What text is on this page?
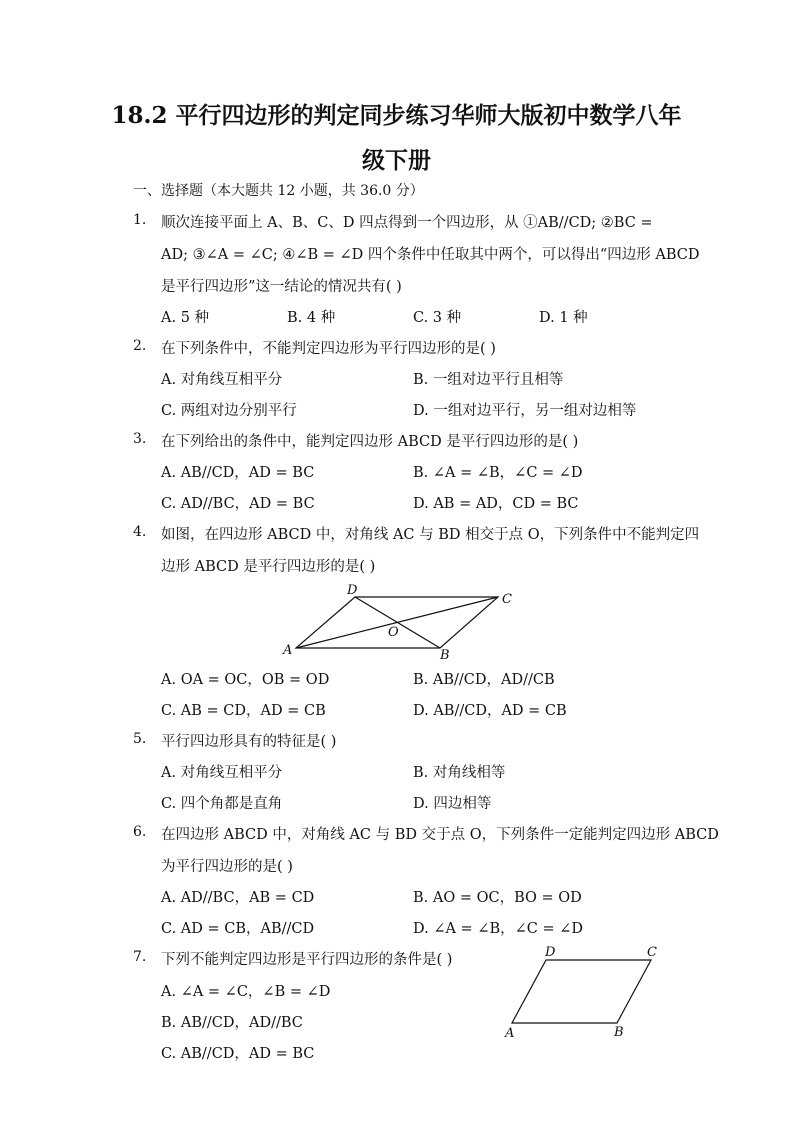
18.2 平行四边形的判定同步练习华师大版初中数学八年
级下册
一、选择题（本大题共 12 小题，共 36.0 分）
1. 顺次连接平面上 A、B、C、D 四点得到一个四边形，从 ①AB//CD; ②BC =
AD; ③∠A = ∠C; ④∠B = ∠D 四个条件中任取其中两个，可以得出“四边形 ABCD
是平行四边形”这一结论的情况共有( )
A. 5 种	B. 4 种	C. 3 种	D. 1 种
2. 在下列条件中，不能判定四边形为平行四边形的是( )
A. 对角线互相平分	B. 一组对边平行且相等
C. 两组对边分别平行	D. 一组对边平行，另一组对边相等
3. 在下列给出的条件中，能判定四边形 ABCD 是平行四边形的是( )
A. AB//CD，AD = BC	B. ∠A = ∠B，∠C = ∠D
C. AD//BC，AD = BC	D. AB = AD，CD = BC
4. 如图，在四边形 ABCD 中，对角线 AC 与 BD 相交于点 O，下列条件中不能判定四
边形 ABCD 是平行四边形的是( )
D
C
O
A	B
A. OA = OC，OB = OD	B. AB//CD，AD//CB
C. AB = CD，AD = CB	D. AB//CD，AD = CB
5. 平行四边形具有的特征是( )
A. 对角线互相平分	B. 对角线相等
C. 四个角都是直角	D. 四边相等
6. 在四边形 ABCD 中，对角线 AC 与 BD 交于点 O，下列条件一定能判定四边形 ABCD
为平行四边形的是( )
A. AD//BC，AB = CD	B. AO = OC，BO = OD
C. AD = CB，AB//CD	D. ∠A = ∠B，∠C = ∠D
7. 下列不能判定四边形是平行四边形的条件是( )	D	C
A	B
A. ∠A = ∠C，∠B = ∠D
B. AB//CD，AD//BC
C. AB//CD，AD = BC
